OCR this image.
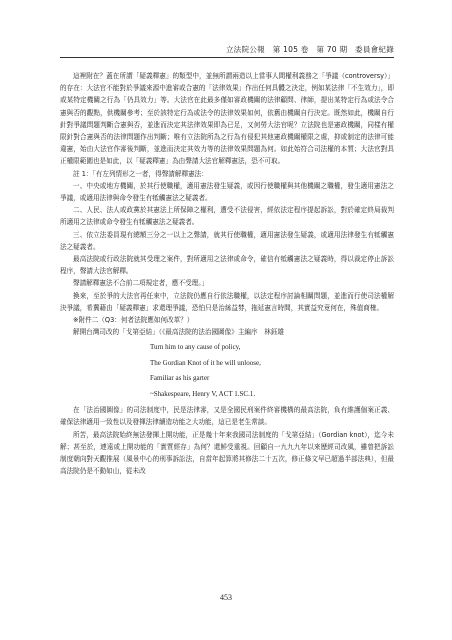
立法院公報　第 105 卷　第 70 期　委員會紀錄

這裡附在？蓋在所謂「疑義釋憲」的類型中，並無所謂兩造以上當事人間權利義務之「爭議（controversy）」的存在：大法官不能對於爭議來源中進審或合憲的「法律效果」作出任何具體之決定，例如某法律「不生效力」，即或某特定機關之行為「仍具效力」等。大法官在此最多僅如審政機關的法律顧問、律師，提出某特定行為或法令合憲與否的觀點，供機關參考；至於該特定行為或法令的法律效果如何，依舊由機關自行決定。既然如此，機關自行針對爭議問題判斷合憲與否，並進而決定其法律效果即為已足，又何勞大法官呢？立法院也是憲政機關，同樣有權限針對合憲與否的法律問題作出判斷；唯有立法院所為之行為有侵犯其他憲政機關權限之處，抑或制定的法律可能違憲，始由大法官作審後判斷，並進而決定其效力等的法律效果問題為何。如此始符合司法權的本質；大法官對具正權限範圍也是如此，以「疑義釋憲」為由聲請大法官解釋憲法，恐不可取。

註 1：「有左列情形之一者，得聲請解釋憲法：

一、中央或地方機關，於其行使職權，適用憲法發生疑義，或因行使職權與其他機關之職權，發生適用憲法之爭議，或適用法律與命令發生有牴觸憲法之疑義者。

二、人民、法人或政黨於其憲法上所保障之權利，遭受不法侵害，經依法定程序提起訴訟，對於確定終局裁判所適用之法律或命令發生有牴觸憲法之疑義者。

三、依立法委員現有總額三分之一以上之聲請，就其行使職權，適用憲法發生疑義，或適用法律發生有牴觸憲法之疑義者。

最高法院或行政法院就其受理之案件，對所適用之法律或命令，確信有牴觸憲法之疑義時，得以裁定停止訴訟程序，聲請大法官解釋。

聲請解釋憲法不合前二項規定者，應不受理。」

換來，至於爭的大法官再任來中，立法院仍應自行依法職權，以法定程序討論相關問題，並進而行使司法權解決爭議，希冀藉由「疑義釋憲」求還理爭議，恐怕只是治絲益棼，拖延憲言時間，其實益究竟何在，殊值商榷。

※附件二（Q3：何者法院應如何改革？）

解開台灣司改的「戈第亞結」（《最高法院的法治國圖像》主編序　林鈺雄

Turn him to any cause of policy,
The Gordian Knot of it he will unloose,
Familiar as his garter
~Shakespeare, Henry V, ACT 1.SC.1.

在「法治國圖像」的司法制度中，民是法律審，又是全國民刑案件終審機構的最高法院，負有維護個案正義、確保法律適用一致性以及發揮法律續造功能之大功能，這已是老生常談。

所苦，最高法院始終無法發揮上開功能，正是幾十年來我國司法制度的「戈第亞結」（Gordian knot），迄今未解；甚至於，連遠或上開功能的「實質經存」為何？還鮮受重視。回顧自一九九九年以來歷經司改風，雖曾把訴訟制度朝向對天觀推展（風景中心的刑事訴訟法，自當年起算將其修法二十五次，修正條文早已超過半部法典），但最高法院仍是不動如山，從未改

453
